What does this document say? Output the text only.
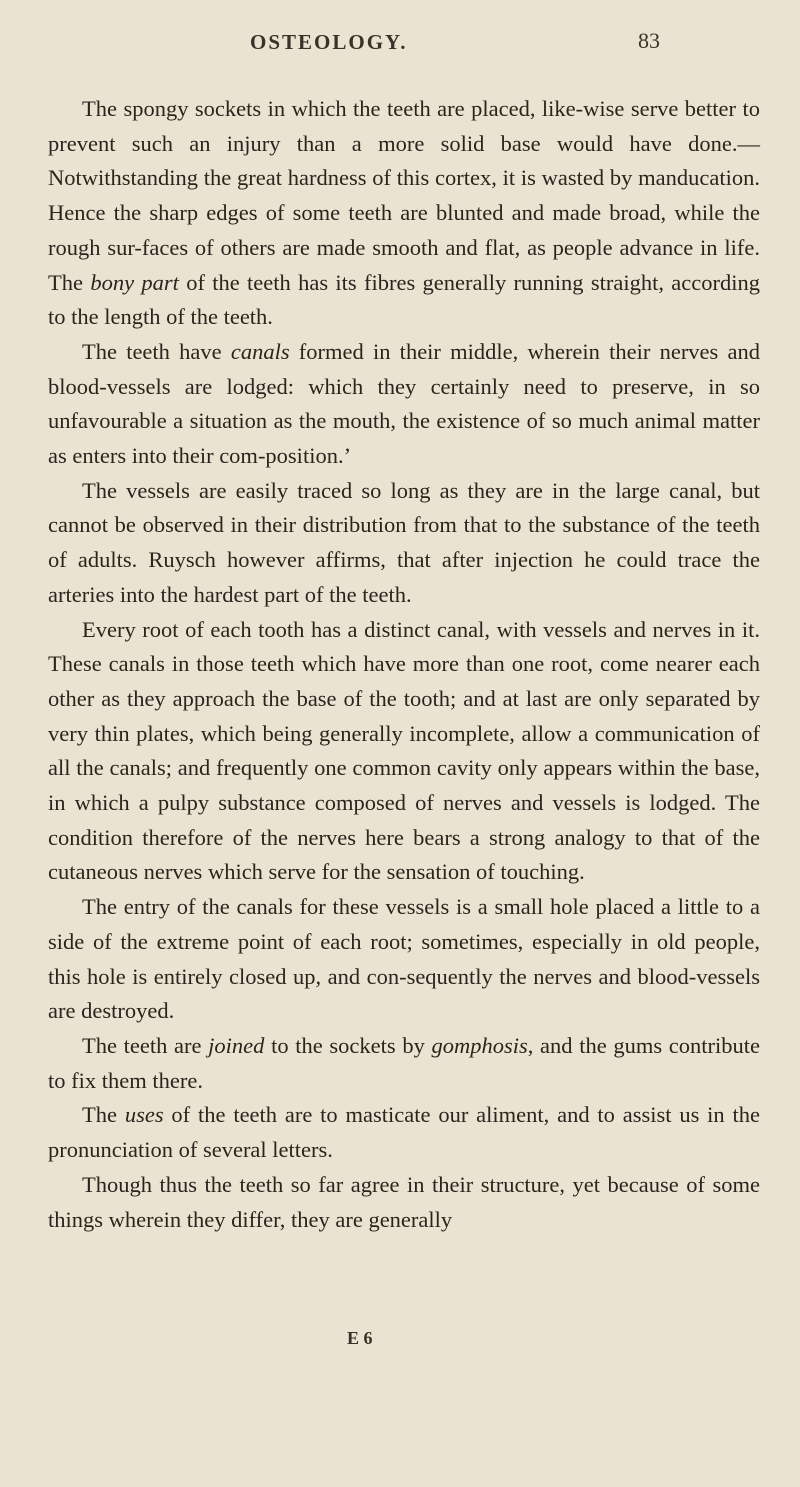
OSTEOLOGY.	83

The spongy sockets in which the teeth are placed, like-wise serve better to prevent such an injury than a more solid base would have done.—Notwithstanding the great hardness of this cortex, it is wasted by manducation. Hence the sharp edges of some teeth are blunted and made broad, while the rough sur-faces of others are made smooth and flat, as people advance in life. The bony part of the teeth has its fibres generally running straight, according to the length of the teeth.

The teeth have canals formed in their middle, wherein their nerves and blood-vessels are lodged: which they certainly need to preserve, in so unfavourable a situation as the mouth, the existence of so much animal matter as enters into their com-position.’

The vessels are easily traced so long as they are in the large canal, but cannot be observed in their distribution from that to the substance of the teeth of adults. Ruysch however affirms, that after injection he could trace the arteries into the hardest part of the teeth.

Every root of each tooth has a distinct canal, with vessels and nerves in it. These canals in those teeth which have more than one root, come nearer each other as they approach the base of the tooth; and at last are only separated by very thin plates, which being generally incomplete, allow a communication of all the canals; and frequently one common cavity only appears within the base, in which a pulpy substance composed of nerves and vessels is lodged. The condition therefore of the nerves here bears a strong analogy to that of the cutaneous nerves which serve for the sensation of touching.

The entry of the canals for these vessels is a small hole placed a little to a side of the extreme point of each root; sometimes, especially in old people, this hole is entirely closed up, and con-sequently the nerves and blood-vessels are destroyed.

The teeth are joined to the sockets by gomphosis, and the gums contribute to fix them there.

The uses of the teeth are to masticate our aliment, and to assist us in the pronunciation of several letters.

Though thus the teeth so far agree in their structure, yet because of some things wherein they differ, they are generally

E 6
